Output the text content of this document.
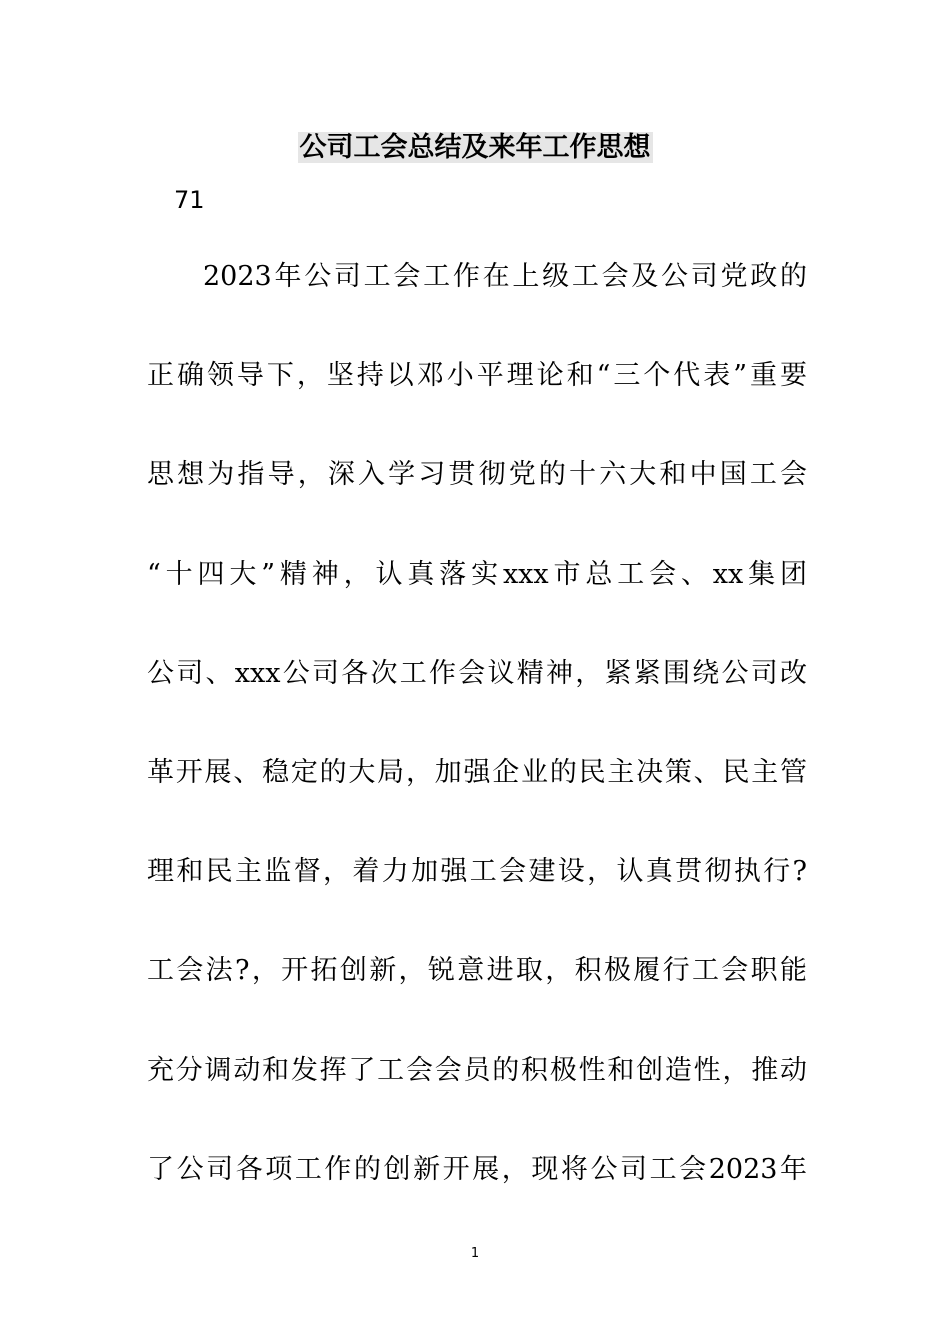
公司工会总结及来年工作思想
71
2023年公司工会工作在上级工会及公司党政的
正确领导下，坚持以邓小平理论和“三个代表”重要
思想为指导，深入学习贯彻党的十六大和中国工会
“十四大”精神，认真落实xxx市总工会、xx集团
公司、xxx公司各次工作会议精神，紧紧围绕公司改
革开展、稳定的大局，加强企业的民主决策、民主管
理和民主监督，着力加强工会建设，认真贯彻执行?
工会法?，开拓创新，锐意进取，积极履行工会职能
充分调动和发挥了工会会员的积极性和创造性，推动
了公司各项工作的创新开展，现将公司工会2023年
1
